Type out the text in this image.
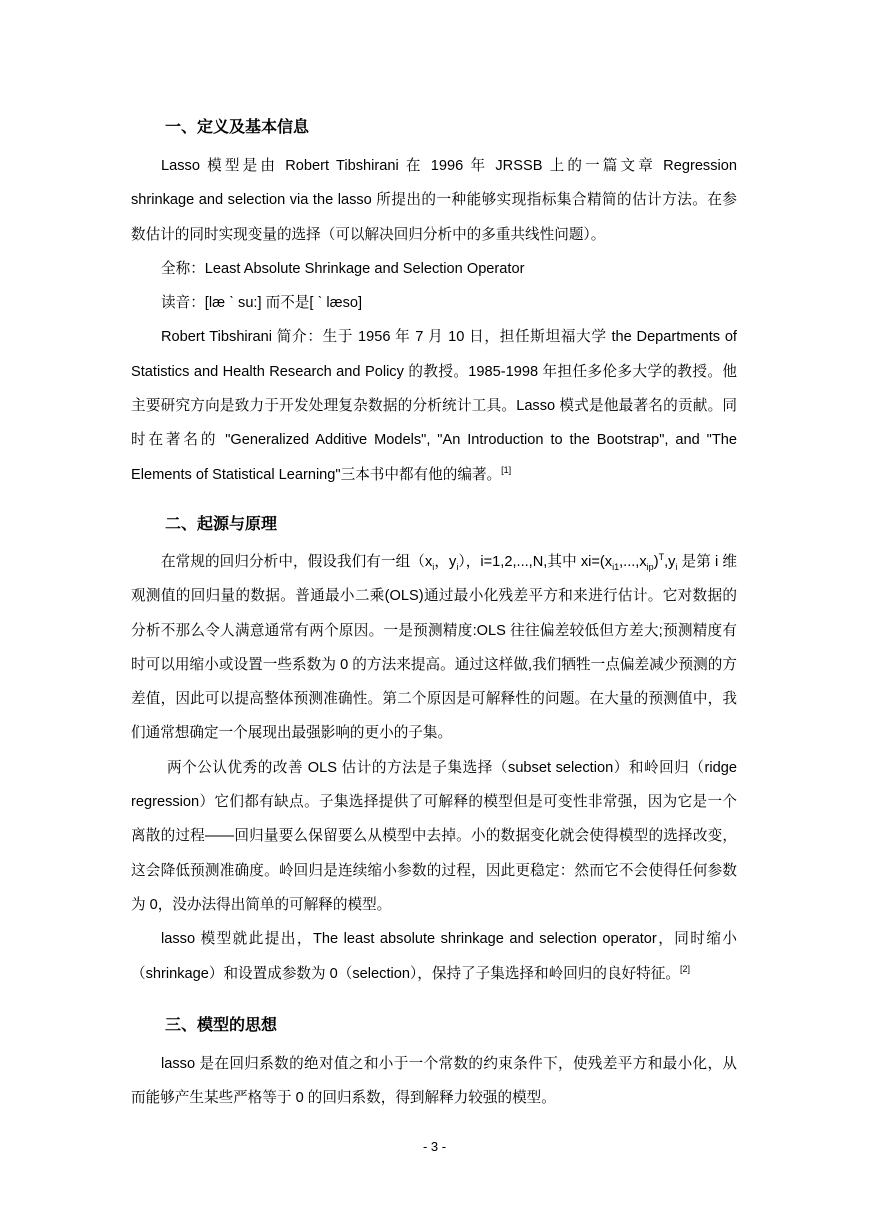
一、定义及基本信息

Lasso 模型是由 Robert Tibshirani 在 1996 年 JRSSB 上的一篇文章 Regression shrinkage and selection via the lasso 所提出的一种能够实现指标集合精简的估计方法。在参数估计的同时实现变量的选择（可以解决回归分析中的多重共线性问题）。

全称：Least Absolute Shrinkage and Selection Operator

读音：[læ ˋ su:] 而不是[ ˋ læso]

Robert Tibshirani 简介：生于 1956 年 7 月 10 日，担任斯坦福大学 the Departments of Statistics and Health Research and Policy 的教授。1985-1998 年担任多伦多大学的教授。他主要研究方向是致力于开发处理复杂数据的分析统计工具。Lasso 模式是他最著名的贡献。同时在著名的 "Generalized Additive Models", "An Introduction to the Bootstrap", and "The Elements of Statistical Learning"三本书中都有他的编著。[1]

二、起源与原理

在常规的回归分析中，假设我们有一组（$x_i$，$y_i$），i=1,2,...,N,其中 $xi=(x_{i1},...,x_{ip})^T,y_i$ 是第 i 维观测值的回归量的数据。普通最小二乘(OLS)通过最小化残差平方和来进行估计。它对数据的分析不那么令人满意通常有两个原因。一是预测精度:OLS 往往偏差较低但方差大;预测精度有时可以用缩小或设置一些系数为 0 的方法来提高。通过这样做,我们牺牲一点偏差减少预测的方差值，因此可以提高整体预测准确性。第二个原因是可解释性的问题。在大量的预测值中，我们通常想确定一个展现出最强影响的更小的子集。

两个公认优秀的改善 OLS 估计的方法是子集选择（subset selection）和岭回归（ridge regression）它们都有缺点。子集选择提供了可解释的模型但是可变性非常强，因为它是一个离散的过程——回归量要么保留要么从模型中去掉。小的数据变化就会使得模型的选择改变，这会降低预测准确度。岭回归是连续缩小参数的过程，因此更稳定：然而它不会使得任何参数为 0，没办法得出简单的可解释的模型。

lasso 模型就此提出，The least absolute shrinkage and selection operator，同时缩小（shrinkage）和设置成参数为 0（selection），保持了子集选择和岭回归的良好特征。[2]

三、模型的思想

lasso 是在回归系数的绝对值之和小于一个常数的约束条件下，使残差平方和最小化，从而能够产生某些严格等于 0 的回归系数，得到解释力较强的模型。

- 3 -
